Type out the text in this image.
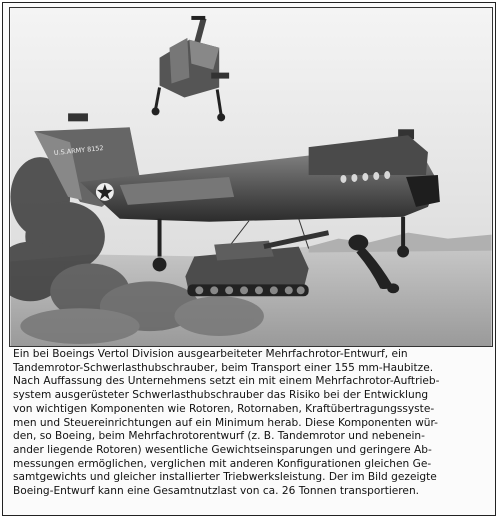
U.S.ARMY 8152
Ein bei Boeings Vertol Division ausgearbeiteter Mehrfachrotor-Entwurf, ein
Tandemrotor-Schwerlasthubschrauber, beim Transport einer 155 mm-Haubitze.
Nach Auffassung des Unternehmens setzt ein mit einem Mehrfachrotor-Auftrieb-
system ausgerüsteter Schwerlasthubschrauber das Risiko bei der Entwicklung
von wichtigen Komponenten wie Rotoren, Rotornaben, Kraftübertragungssyste-
men und Steuereinrichtungen auf ein Minimum herab. Diese Komponenten wür-
den, so Boeing, beim Mehrfachrotorentwurf (z. B. Tandemrotor und nebenein-
ander liegende Rotoren) wesentliche Gewichtseinsparungen und geringere Ab-
messungen ermöglichen, verglichen mit anderen Konfigurationen gleichen Ge-
samtgewichts und gleicher installierter Triebwerksleistung. Der im Bild gezeigte
Boeing-Entwurf kann eine Gesamtnutzlast von ca. 26 Tonnen transportieren.
